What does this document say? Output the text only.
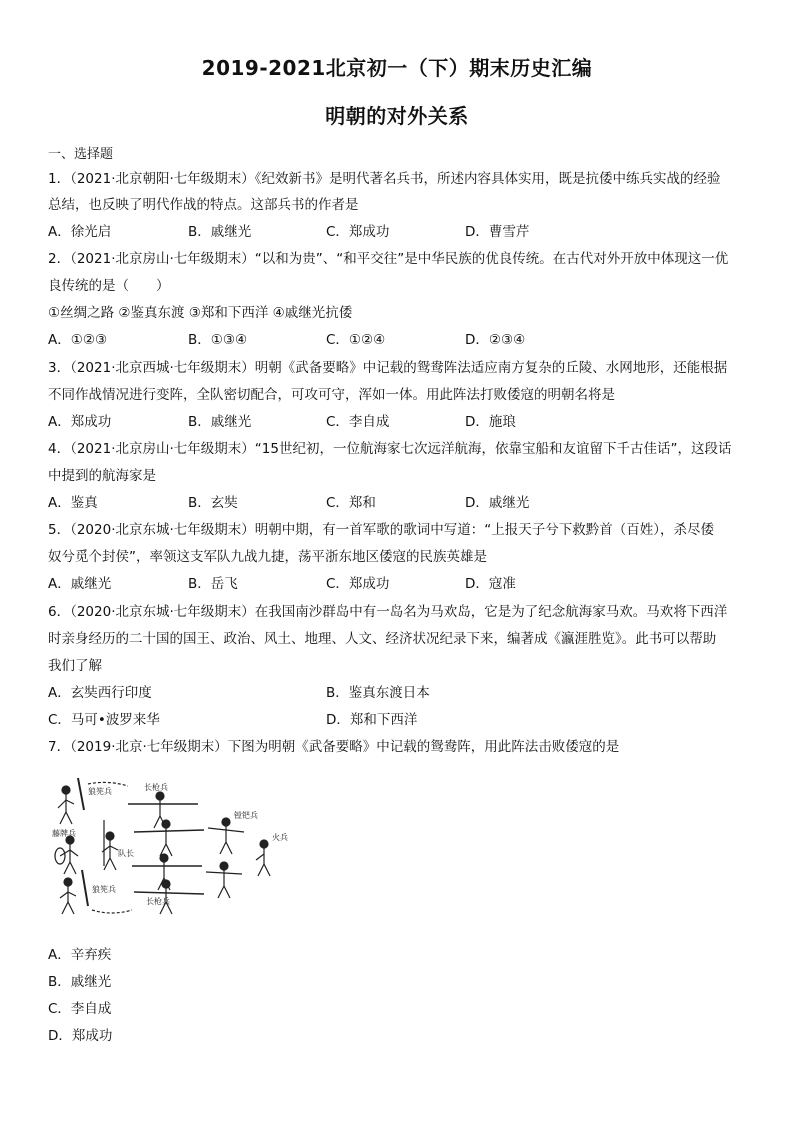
2019-2021北京初一（下）期末历史汇编
明朝的对外关系
一、选择题
1．（2021·北京朝阳·七年级期末）《纪效新书》是明代著名兵书，所述内容具体实用，既是抗倭中练兵实战的经验
总结，也反映了明代作战的特点。这部兵书的作者是
A．徐光启	B．戚继光	C．郑成功	D．曹雪芹
2．（2021·北京房山·七年级期末）“以和为贵”、“和平交往”是中华民族的优良传统。在古代对外开放中体现这一优
良传统的是（　　）
①丝绸之路 ②鉴真东渡 ③郑和下西洋 ④戚继光抗倭
A．①②③	B．①③④	C．①②④	D．②③④
3．（2021·北京西城·七年级期末）明朝《武备要略》中记载的鸳鸯阵法适应南方复杂的丘陵、水网地形，还能根据
不同作战情况进行变阵，全队密切配合，可攻可守，浑如一体。用此阵法打败倭寇的明朝名将是
A．郑成功	B．戚继光	C．李自成	D．施琅
4．（2021·北京房山·七年级期末）“15世纪初，一位航海家七次远洋航海，依靠宝船和友谊留下千古佳话”，这段话
中提到的航海家是
A．鉴真	B．玄奘	C．郑和	D．戚继光
5．（2020·北京东城·七年级期末）明朝中期，有一首军歌的歌词中写道：“上报天子兮下救黔首（百姓），杀尽倭
奴兮觅个封侯”，率领这支军队九战九捷，荡平浙东地区倭寇的民族英雄是
A．戚继光	B．岳飞	C．郑成功	D．寇准
6．（2020·北京东城·七年级期末）在我国南沙群岛中有一岛名为马欢岛，它是为了纪念航海家马欢。马欢将下西洋
时亲身经历的二十国的国王、政治、风土、地理、人文、经济状况纪录下来，编著成《瀛涯胜览》。此书可以帮助
我们了解
A．玄奘西行印度	B．鉴真东渡日本
C．马可•波罗来华	D．郑和下西洋
7．（2019·北京·七年级期末）下图为明朝《武备要略》中记载的鸳鸯阵，用此阵法击败倭寇的是
狼筅兵
藤牌兵
队长
长枪兵
长枪兵
镗钯兵
火兵
狼筅兵
A．辛弃疾
B．戚继光
C．李自成
D．郑成功
